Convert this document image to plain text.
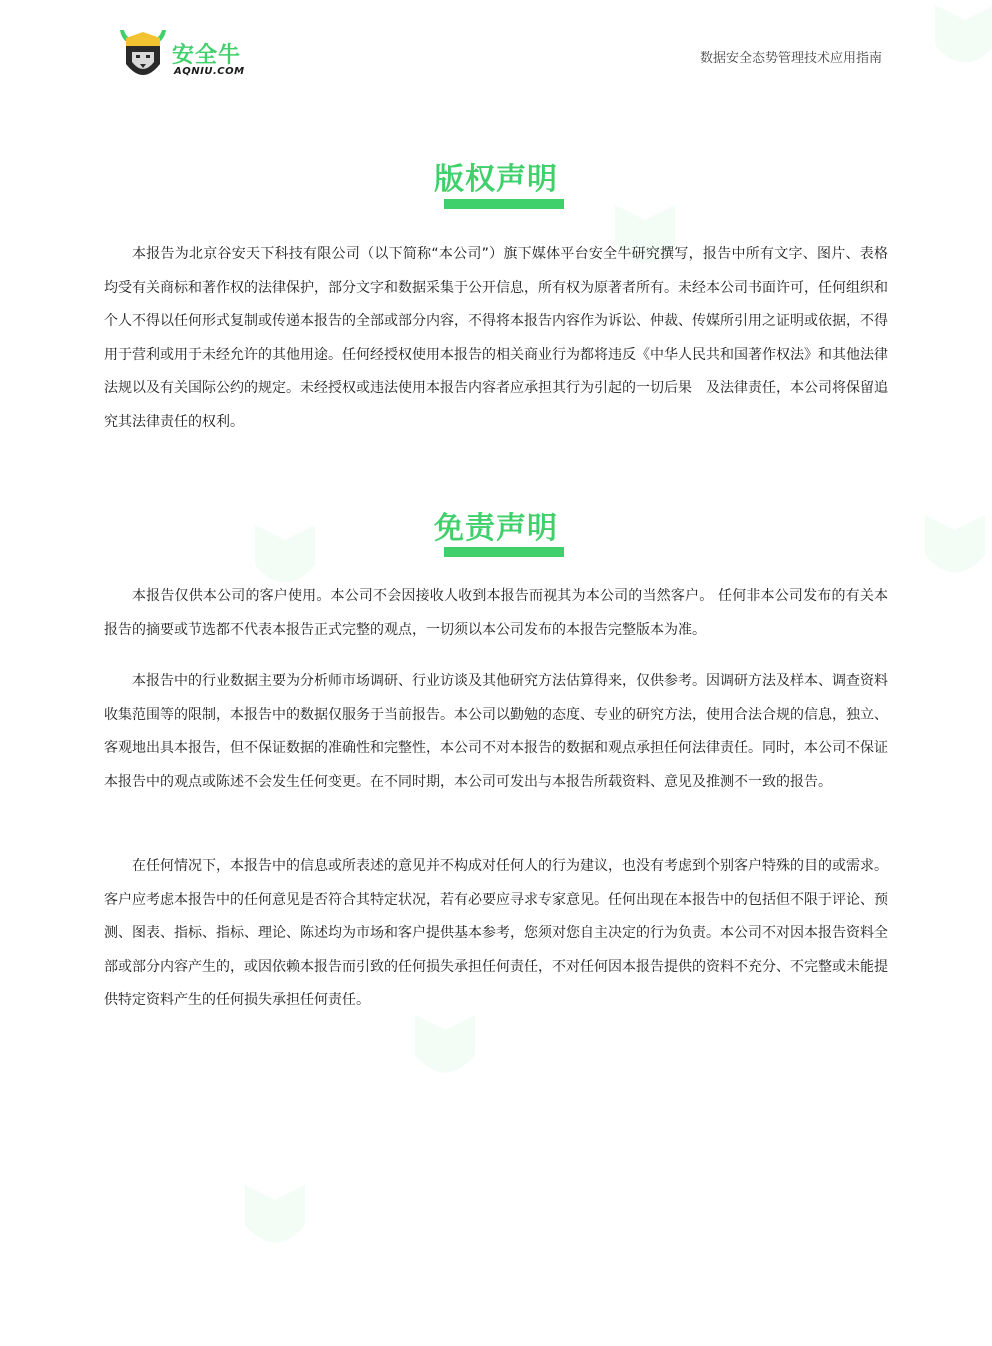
安全牛
AQNIU.COM
数据安全态势管理技术应用指南
版权声明

本报告为北京谷安天下科技有限公司（以下简称“本公司”）旗下媒体平台安全牛研究撰写，报告中所有文字、图片、表格均受有关商标和著作权的法律保护，部分文字和数据采集于公开信息，所有权为原著者所有。未经本公司书面许可，任何组织和个人不得以任何形式复制或传递本报告的全部或部分内容，不得将本报告内容作为诉讼、仲裁、传媒所引用之证明或依据，不得用于营利或用于未经允许的其他用途。任何经授权使用本报告的相关商业行为都将违反《中华人民共和国著作权法》和其他法律法规以及有关国际公约的规定。未经授权或违法使用本报告内容者应承担其行为引起的一切后果　及法律责任，本公司将保留追究其法律责任的权利。

免责声明

本报告仅供本公司的客户使用。本公司不会因接收人收到本报告而视其为本公司的当然客户。 任何非本公司发布的有关本报告的摘要或节选都不代表本报告正式完整的观点，一切须以本公司发布的本报告完整版本为准。

本报告中的行业数据主要为分析师市场调研、行业访谈及其他研究方法估算得来，仅供参考。因调研方法及样本、调查资料收集范围等的限制，本报告中的数据仅服务于当前报告。本公司以勤勉的态度、专业的研究方法，使用合法合规的信息，独立、客观地出具本报告，但不保证数据的准确性和完整性，本公司不对本报告的数据和观点承担任何法律责任。同时，本公司不保证本报告中的观点或陈述不会发生任何变更。在不同时期，本公司可发出与本报告所载资料、意见及推测不一致的报告。

在任何情况下，本报告中的信息或所表述的意见并不构成对任何人的行为建议，也没有考虑到个别客户特殊的目的或需求。客户应考虑本报告中的任何意见是否符合其特定状况，若有必要应寻求专家意见。任何出现在本报告中的包括但不限于评论、预测、图表、指标、指标、理论、陈述均为市场和客户提供基本参考，您须对您自主决定的行为负责。本公司不对因本报告资料全部或部分内容产生的，或因依赖本报告而引致的任何损失承担任何责任，不对任何因本报告提供的资料不充分、不完整或未能提供特定资料产生的任何损失承担任何责任。
